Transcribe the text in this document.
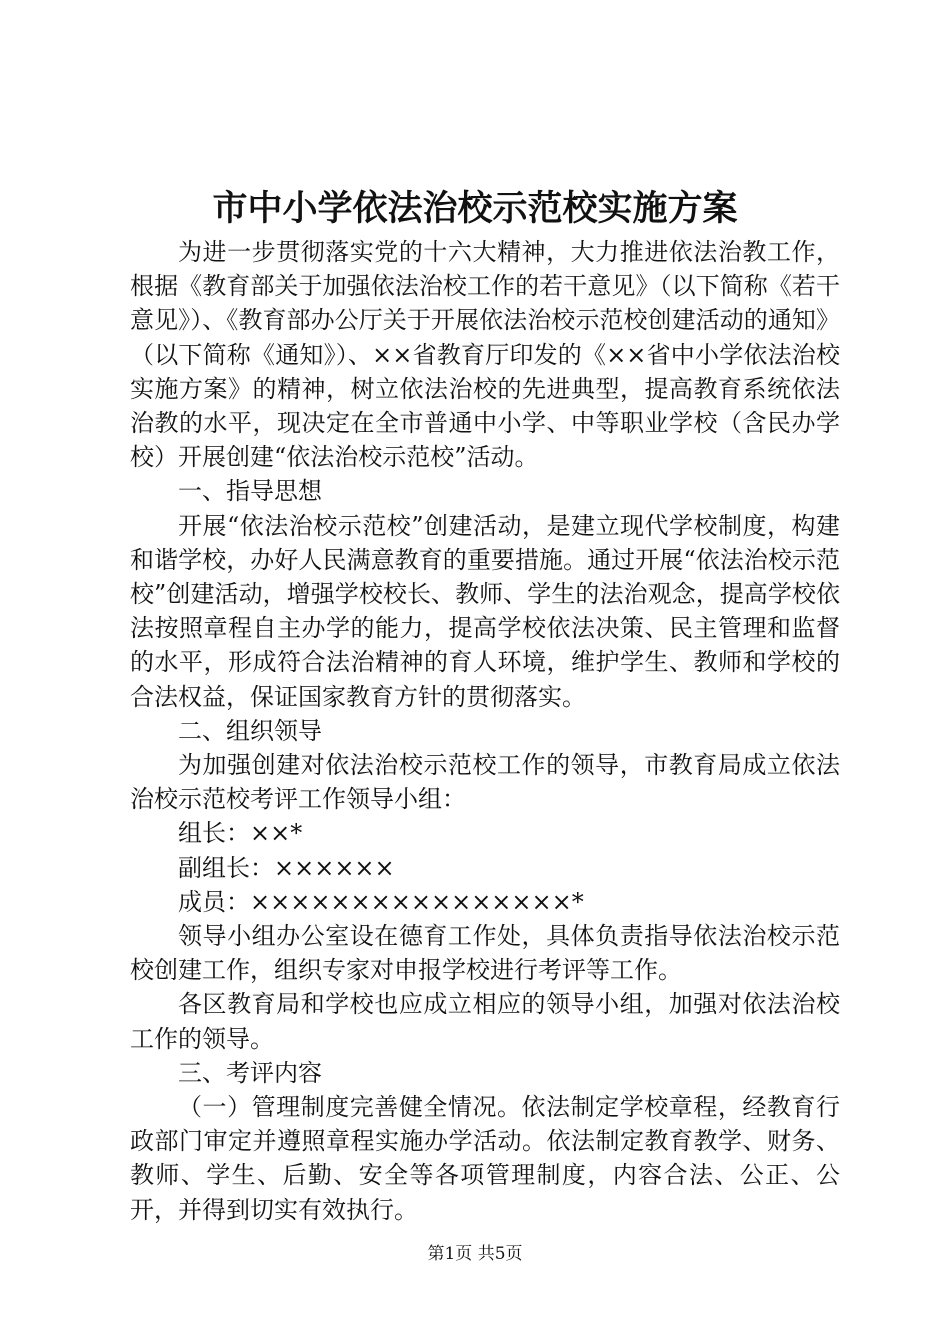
市中小学依法治校示范校实施方案

为进一步贯彻落实党的十六大精神，大力推进依法治教工作，根据《教育部关于加强依法治校工作的若干意见》（以下简称《若干意见》）、《教育部办公厅关于开展依法治校示范校创建活动的通知》（以下简称《通知》）、××省教育厅印发的《××省中小学依法治校实施方案》的精神，树立依法治校的先进典型，提高教育系统依法治教的水平，现决定在全市普通中小学、中等职业学校（含民办学校）开展创建“依法治校示范校”活动。

一、指导思想

开展“依法治校示范校”创建活动，是建立现代学校制度，构建和谐学校，办好人民满意教育的重要措施。通过开展“依法治校示范校”创建活动，增强学校校长、教师、学生的法治观念，提高学校依法按照章程自主办学的能力，提高学校依法决策、民主管理和监督的水平，形成符合法治精神的育人环境，维护学生、教师和学校的合法权益，保证国家教育方针的贯彻落实。

二、组织领导

为加强创建对依法治校示范校工作的领导，市教育局成立依法治校示范校考评工作领导小组：

组长：××*

副组长：××××××

成员：××××××××××××××××*

领导小组办公室设在德育工作处，具体负责指导依法治校示范校创建工作，组织专家对申报学校进行考评等工作。

各区教育局和学校也应成立相应的领导小组，加强对依法治校工作的领导。

三、考评内容

（一）管理制度完善健全情况。依法制定学校章程，经教育行政部门审定并遵照章程实施办学活动。依法制定教育教学、财务、教师、学生、后勤、安全等各项管理制度，内容合法、公正、公开，并得到切实有效执行。

第1页 共5页
